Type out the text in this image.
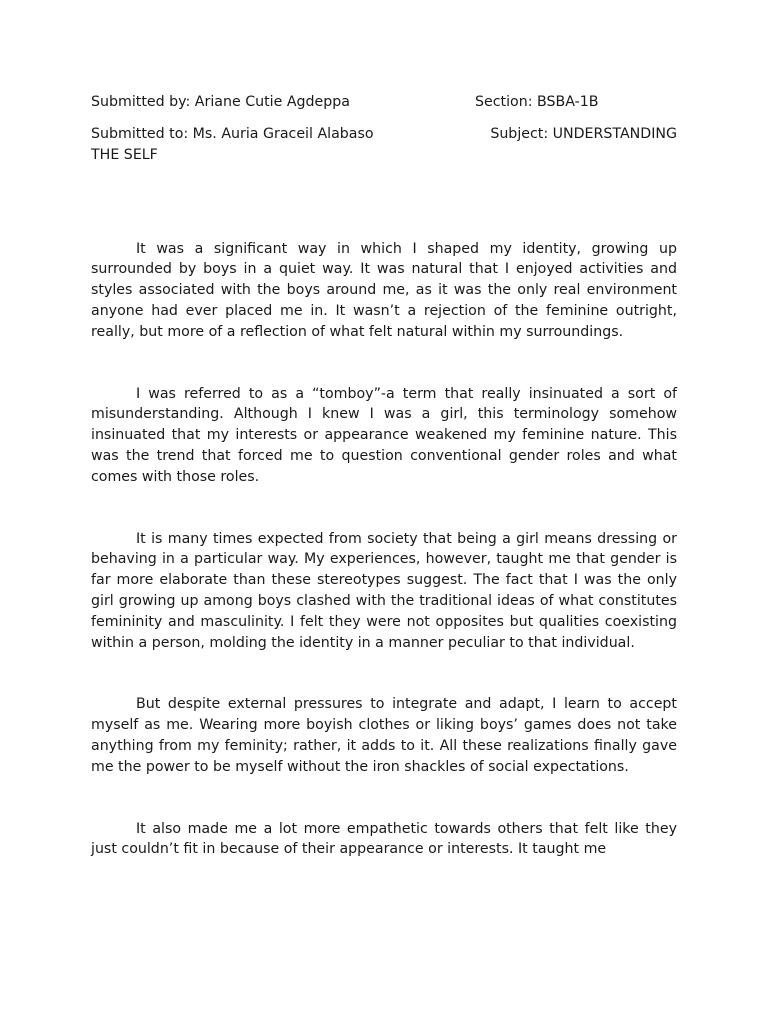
Submitted by: Ariane Cutie Agdeppa	Section: BSBA-1B
Submitted to: Ms. Auria Graceil Alabaso	Subject: UNDERSTANDING
THE SELF

It was a significant way in which I shaped my identity, growing up surrounded by boys in a quiet way. It was natural that I enjoyed activities and styles associated with the boys around me, as it was the only real environment anyone had ever placed me in. It wasn’t a rejection of the feminine outright, really, but more of a reflection of what felt natural within my surroundings.

I was referred to as a “tomboy”-a term that really insinuated a sort of misunderstanding. Although I knew I was a girl, this terminology somehow insinuated that my interests or appearance weakened my feminine nature. This was the trend that forced me to question conventional gender roles and what comes with those roles.

It is many times expected from society that being a girl means dressing or behaving in a particular way. My experiences, however, taught me that gender is far more elaborate than these stereotypes suggest. The fact that I was the only girl growing up among boys clashed with the traditional ideas of what constitutes femininity and masculinity. I felt they were not opposites but qualities coexisting within a person, molding the identity in a manner peculiar to that individual.

But despite external pressures to integrate and adapt, I learn to accept myself as me. Wearing more boyish clothes or liking boys’ games does not take anything from my feminity; rather, it adds to it. All these realizations finally gave me the power to be myself without the iron shackles of social expectations.

It also made me a lot more empathetic towards others that felt like they just couldn’t fit in because of their appearance or interests. It taught me
